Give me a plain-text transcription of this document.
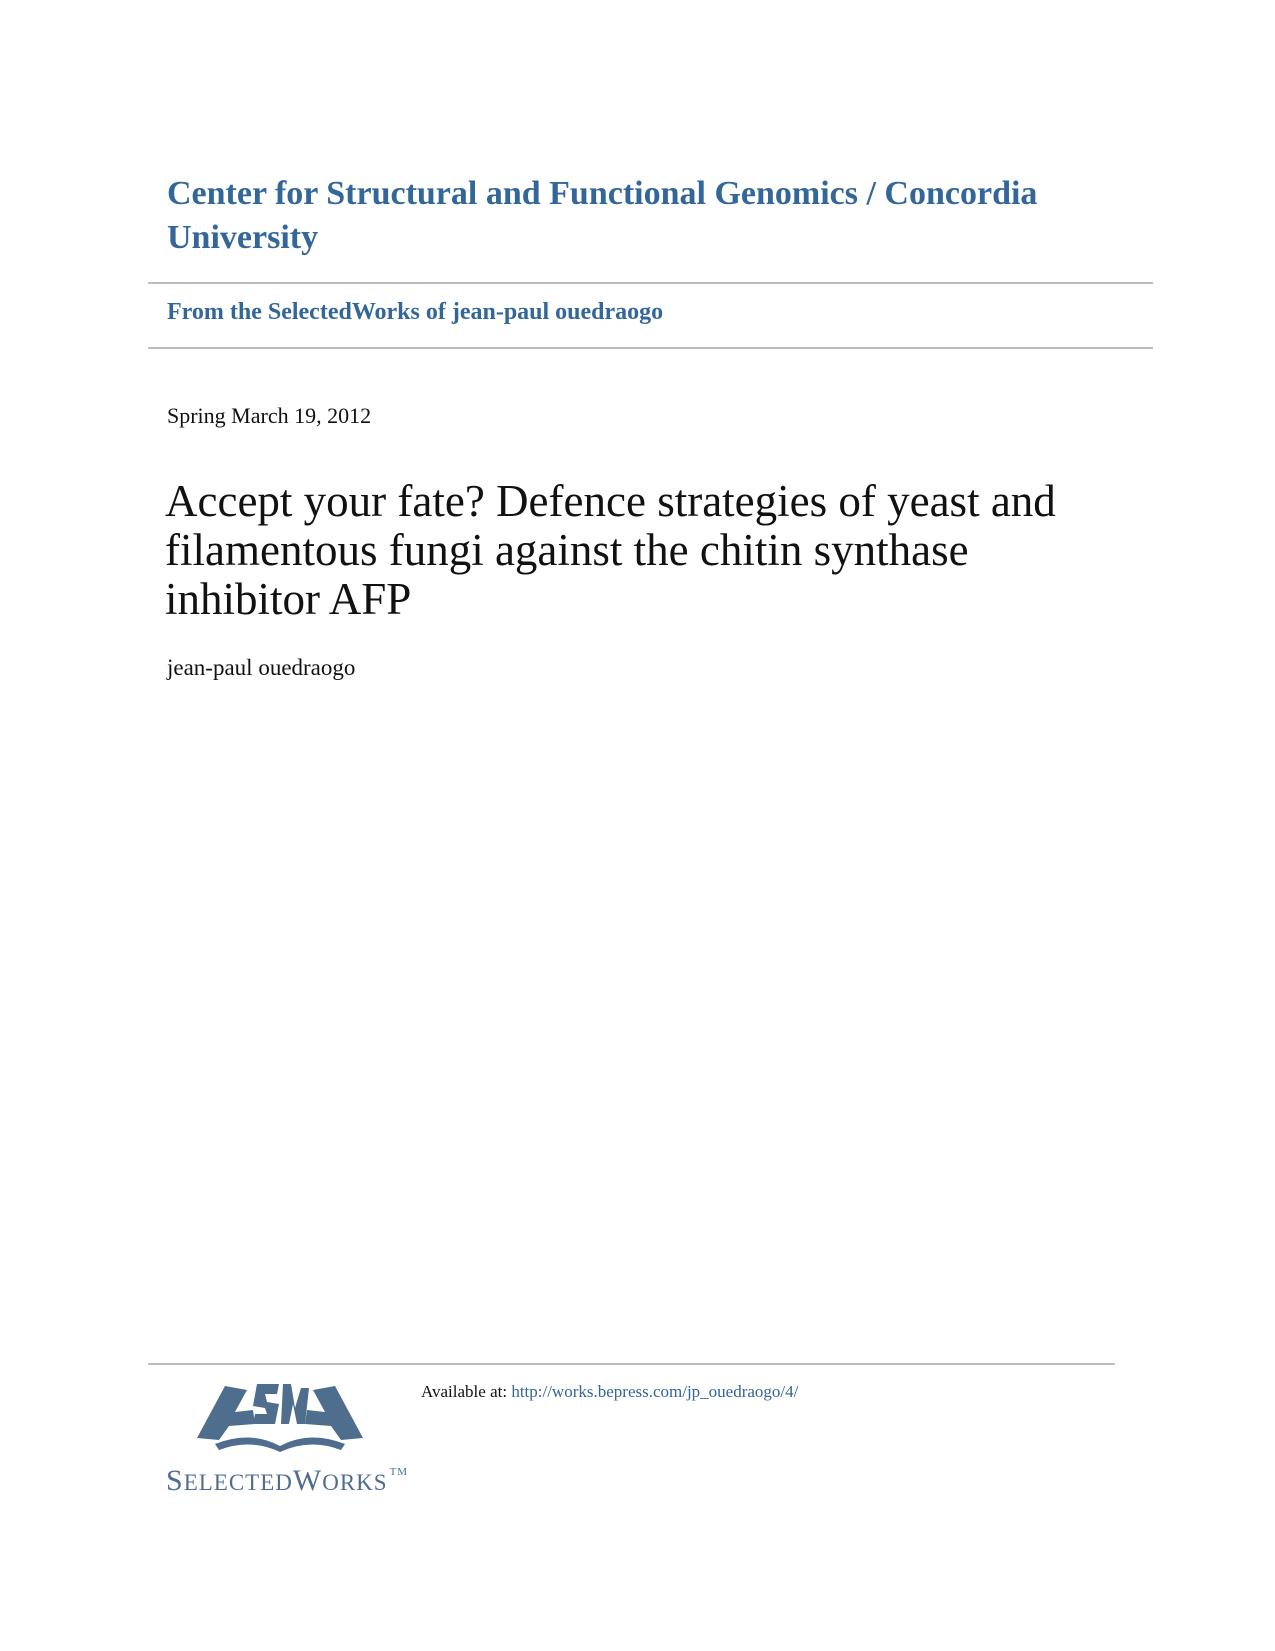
Center for Structural and Functional Genomics / Concordia University
From the SelectedWorks of jean-paul ouedraogo
Spring March 19, 2012
Accept your fate? Defence strategies of yeast and filamentous fungi against the chitin synthase inhibitor AFP
jean-paul ouedraogo
SELECTEDWORKS ™
Available at: http://works.bepress.com/jp_ouedraogo/4/
